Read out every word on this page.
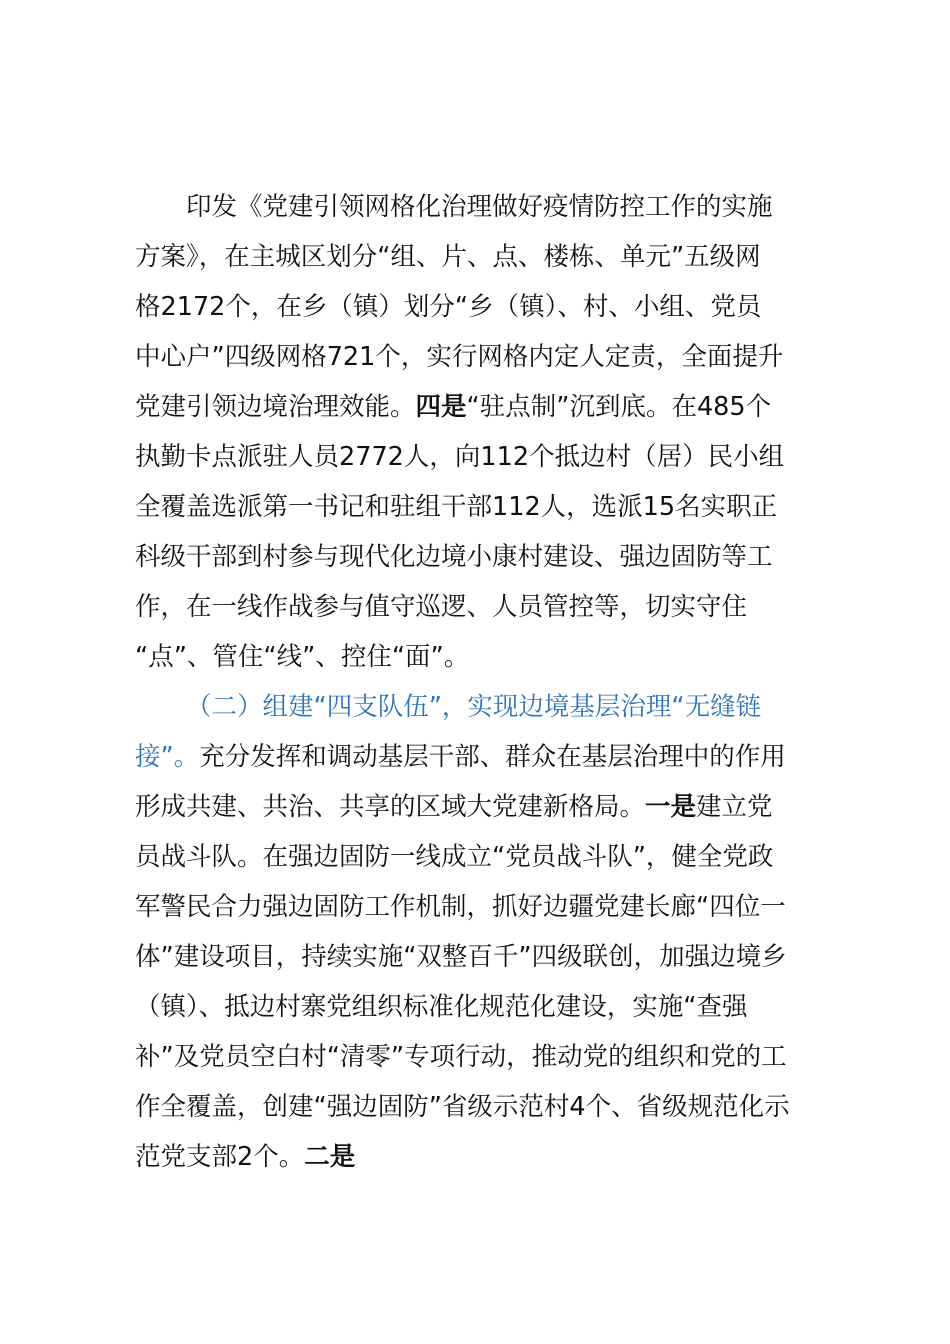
印发《党建引领网格化治理做好疫情防控工作的实施
方案》，在主城区划分“组、片、点、楼栋、单元”五级网
格2172个，在乡（镇）划分“乡（镇）、村、小组、党员
中心户”四级网格721个，实行网格内定人定责，全面提升
党建引领边境治理效能。四是“驻点制”沉到底。在485个
执勤卡点派驻人员2772人，向112个抵边村（居）民小组
全覆盖选派第一书记和驻组干部112人，选派15名实职正
科级干部到村参与现代化边境小康村建设、强边固防等工
作，在一线作战参与值守巡逻、人员管控等，切实守住
“点”、管住“线”、控住“面”。
（二）组建“四支队伍”，实现边境基层治理“无缝链
接”。充分发挥和调动基层干部、群众在基层治理中的作用
形成共建、共治、共享的区域大党建新格局。一是建立党
员战斗队。在强边固防一线成立“党员战斗队”，健全党政
军警民合力强边固防工作机制，抓好边疆党建长廊“四位一
体”建设项目，持续实施“双整百千”四级联创，加强边境乡
（镇）、抵边村寨党组织标准化规范化建设，实施“查强
补”及党员空白村“清零”专项行动，推动党的组织和党的工
作全覆盖，创建“强边固防”省级示范村4个、省级规范化示
范党支部2个。二是
